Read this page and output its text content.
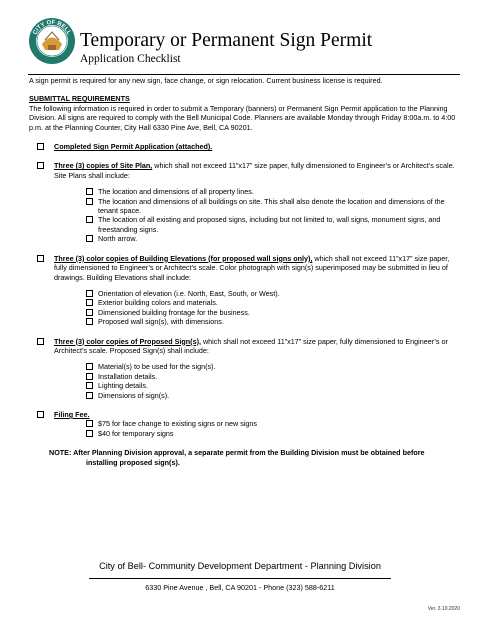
CITY OF BELL Temporary or Permanent Sign Permit
Application Checklist
A sign permit is required for any new sign, face change, or sign relocation. Current business license is required.
SUBMITTAL REQUIREMENTS
The following information is required in order to submit a Temporary (banners) or Permanent Sign Permit application to the Planning Division. All signs are required to comply with the Bell Municipal Code. Planners are available Monday through Friday 8:00a.m. to 4:00 p.m. at the Planning Counter, City Hall 6330 Pine Ave, Bell, CA 90201.
Completed Sign Permit Application (attached).
Three (3) copies of Site Plan, which shall not exceed 11”x17” size paper, fully dimensioned to Engineer’s or Architect’s scale. Site Plans shall include:
The location and dimensions of all property lines.
The location and dimensions of all buildings on site. This shall also denote the location and dimensions of the tenant space.
The location of all existing and proposed signs, including but not limited to, wall signs, monument signs, and freestanding signs.
North arrow.
Three (3) color copies of Building Elevations (for proposed wall signs only), which shall not exceed 11”x17” size paper, fully dimensioned to Engineer’s or Architect’s scale. Color photograph with sign(s) superimposed may be submitted in lieu of drawings. Building Elevations shall include:
Orientation of elevation (i.e. North, East, South, or West).
Exterior building colors and materials.
Dimensioned building frontage for the business.
Proposed wall sign(s), with dimensions.
Three (3) color copies of Proposed Sign(s), which shall not exceed 11”x17” size paper, fully dimensioned to Engineer’s or Architect’s scale. Proposed Sign(s) shall include:
Material(s) to be used for the sign(s).
Installation details.
Lighting details.
Dimensions of sign(s).
Filing Fee.
$75 for face change to existing signs or new signs
$40 for temporary signs
NOTE: After Planning Division approval, a separate permit from the Building Division must be obtained before
installing proposed sign(s).
City of Bell- Community Development Department - Planning Division
6330 Pine Avenue , Bell, CA 90201 - Phone (323) 588-6211
Ver. 3.19.2020
